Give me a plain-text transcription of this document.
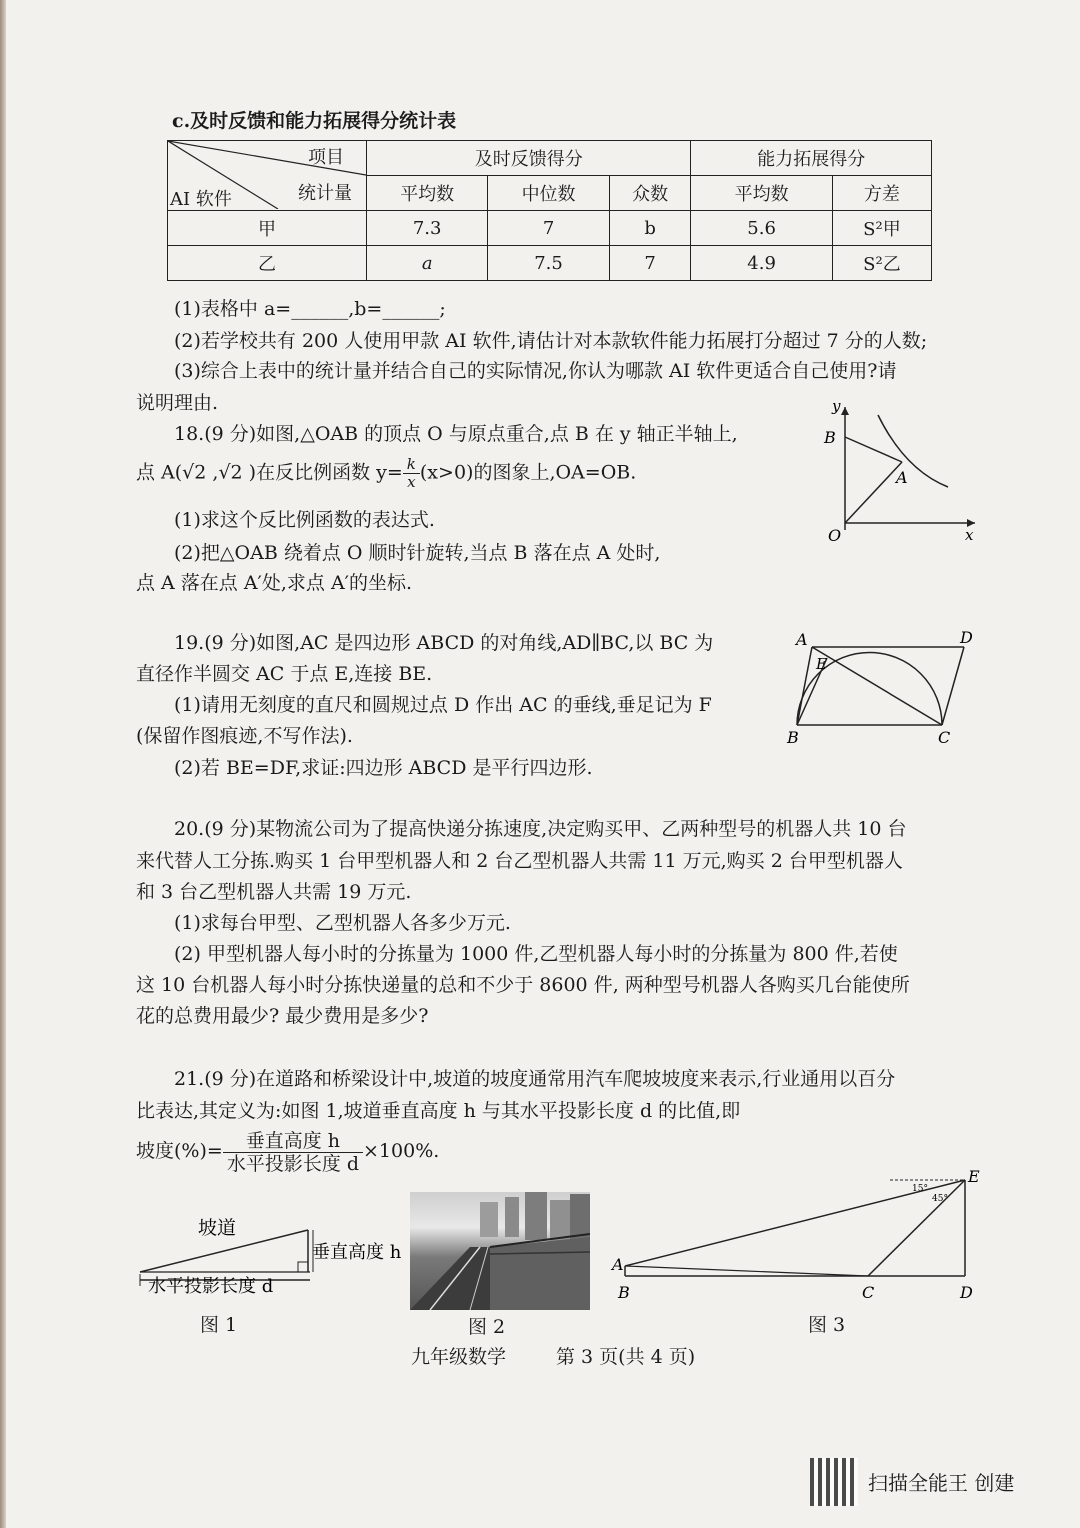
c.及时反馈和能力拓展得分统计表
项目
统计量
AI 软件	及时反馈得分			能力拓展得分	
	平均数	中位数	众数	平均数	方差
甲	7.3	7	b	5.6	S²甲
乙	a	7.5	7	4.9	S²乙
(1)表格中 a=______,b=______;
(2)若学校共有 200 人使用甲款 AI 软件,请估计对本款软件能力拓展打分超过 7 分的人数;
(3)综合上表中的统计量并结合自己的实际情况,你认为哪款 AI 软件更适合自己使用?请
说明理由.
18.(9 分)如图,△OAB 的顶点 O 与原点重合,点 B 在 y 轴正半轴上,
点 A(√2 ,√2 )在反比例函数 $y= \frac{k}{x} (x>0)$的图象上,OA=OB.
(1)求这个反比例函数的表达式.
(2)把△OAB 绕着点 O 顺时针旋转,当点 B 落在点 A 处时,
点 A 落在点 A′处,求点 A′的坐标.
y
x
O
B
A
19.(9 分)如图,AC 是四边形 ABCD 的对角线,AD∥BC,以 BC 为
直径作半圆交 AC 于点 E,连接 BE.
(1)请用无刻度的直尺和圆规过点 D 作出 AC 的垂线,垂足记为 F
(保留作图痕迹,不写作法).
(2)若 BE=DF,求证:四边形 ABCD 是平行四边形.
A	D
E
B	C
20.(9 分)某物流公司为了提高快递分拣速度,决定购买甲、乙两种型号的机器人共 10 台
来代替人工分拣.购买 1 台甲型机器人和 2 台乙型机器人共需 11 万元,购买 2 台甲型机器人
和 3 台乙型机器人共需 19 万元.
(1)求每台甲型、乙型机器人各多少万元.
(2) 甲型机器人每小时的分拣量为 1000 件,乙型机器人每小时的分拣量为 800 件,若使
这 10 台机器人每小时分拣快递量的总和不少于 8600 件, 两种型号机器人各购买几台能使所
花的总费用最少? 最少费用是多少?
21.(9 分)在道路和桥梁设计中,坡道的坡度通常用汽车爬坡坡度来表示,行业通用以百分
比表达,其定义为:如图 1,坡道垂直高度 h 与其水平投影长度 d 的比值,即
坡度(%)= $\frac{\text{垂直高度 h}}{\text{水平投影长度 d}} \times 100\%$.
坡道
垂直高度 h
水平投影长度 d
图 1	图 2
15°
45°
A
B	C	D
E
图 3
九年级数学	第 3 页(共 4 页)
扫描全能王 创建
